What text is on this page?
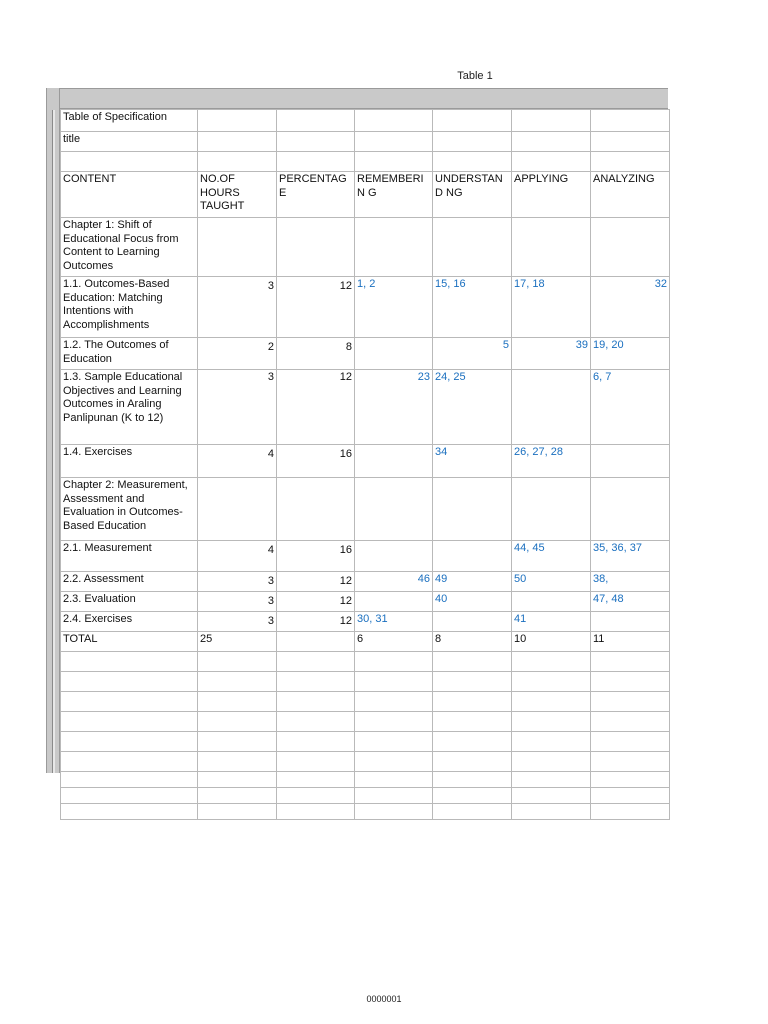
Table 1
Table of Specification						
title						

CONTENT	NO.OF HOURS TAUGHT	PERCENTAGE	REMEMBERIN G	UNDERSTAND NG	APPLYING	ANALYZING
Chapter 1: Shift of Educational Focus from Content to Learning Outcomes						
1.1. Outcomes-Based Education: Matching Intentions with Accomplishments	3	12	1, 2	15, 16	17, 18	32
1.2. The Outcomes of Education	2	8		5	39	19, 20
1.3. Sample Educational Objectives and Learning Outcomes in Araling Panlipunan (K to 12)	3	12	23	24, 25		6, 7
1.4. Exercises	4	16		34	26, 27, 28	
Chapter 2: Measurement, Assessment and Evaluation in Outcomes-Based Education						
2.1. Measurement	4	16			44, 45	35, 36, 37
2.2. Assessment	3	12	46	49	50	38,
2.3. Evaluation	3	12		40		47, 48
2.4. Exercises	3	12	30, 31		41	
TOTAL	25		6	8	10	11

0000001
